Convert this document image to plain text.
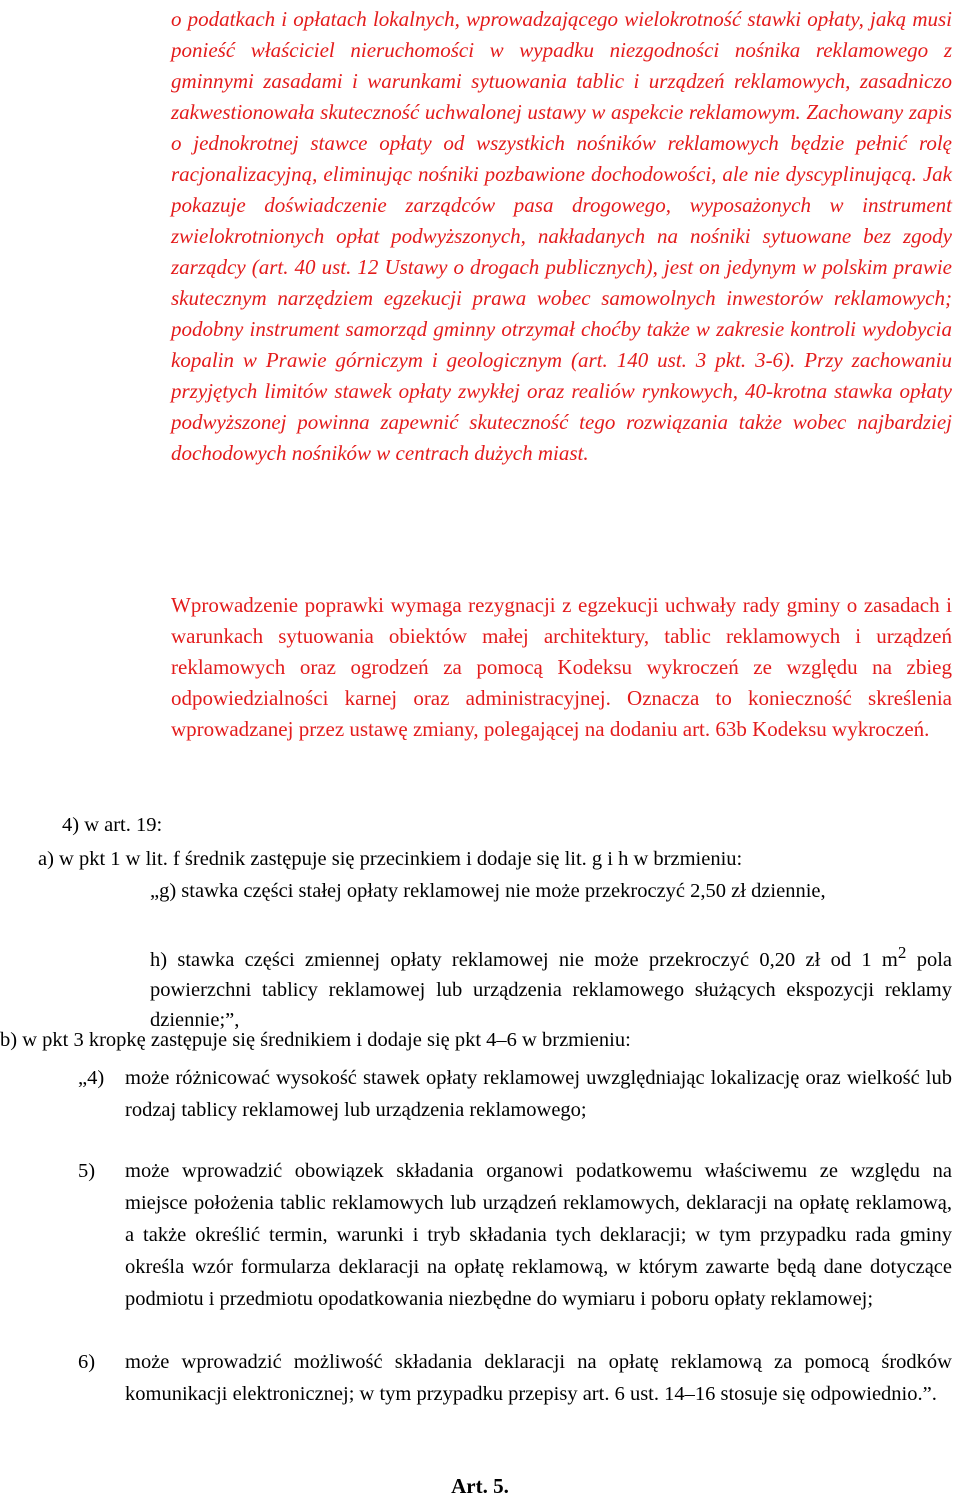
o podatkach i opłatach lokalnych, wprowadzającego wielokrotność stawki opłaty, jaką musi ponieść właściciel nieruchomości w wypadku niezgodności nośnika reklamowego z gminnymi zasadami i warunkami sytuowania tablic i urządzeń reklamowych, zasadniczo zakwestionowała skuteczność uchwalonej ustawy w aspekcie reklamowym. Zachowany zapis o jednokrotnej stawce opłaty od wszystkich nośników reklamowych będzie pełnić rolę racjonalizacyjną, eliminując nośniki pozbawione dochodowości, ale nie dyscyplinującą. Jak pokazuje doświadczenie zarządców pasa drogowego, wyposażonych w instrument zwielokrotnionych opłat podwyższonych, nakładanych na nośniki sytuowane bez zgody zarządcy (art. 40 ust. 12 Ustawy o drogach publicznych), jest on jedynym w polskim prawie skutecznym narzędziem egzekucji prawa wobec samowolnych inwestorów reklamowych; podobny instrument samorząd gminny otrzymał choćby także w zakresie kontroli wydobycia kopalin w Prawie górniczym i geologicznym (art. 140 ust. 3 pkt. 3-6). Przy zachowaniu przyjętych limitów stawek opłaty zwykłej oraz realiów rynkowych, 40-krotna stawka opłaty podwyższonej powinna zapewnić skuteczność tego rozwiązania także wobec najbardziej dochodowych nośników w centrach dużych miast.

Wprowadzenie poprawki wymaga rezygnacji z egzekucji uchwały rady gminy o zasadach i warunkach sytuowania obiektów małej architektury, tablic reklamowych i urządzeń reklamowych oraz ogrodzeń za pomocą Kodeksu wykroczeń ze względu na zbieg odpowiedzialności karnej oraz administracyjnej. Oznacza to konieczność skreślenia wprowadzanej przez ustawę zmiany, polegającej na dodaniu art. 63b Kodeksu wykroczeń.

4) w art. 19:

a) w pkt 1 w lit. f średnik zastępuje się przecinkiem i dodaje się lit. g i h w brzmieniu:

„g) stawka części stałej opłaty reklamowej nie może przekroczyć 2,50 zł dziennie,

h) stawka części zmiennej opłaty reklamowej nie może przekroczyć 0,20 zł od 1 $m^2$ pola powierzchni tablicy reklamowej lub urządzenia reklamowego służących ekspozycji reklamy dziennie;”,

b) w pkt 3 kropkę zastępuje się średnikiem i dodaje się pkt 4–6 w brzmieniu:

„4)	może różnicować wysokość stawek opłaty reklamowej uwzględniając lokalizację oraz wielkość lub rodzaj tablicy reklamowej lub urządzenia reklamowego;
5)	może wprowadzić obowiązek składania organowi podatkowemu właściwemu ze względu na miejsce położenia tablic reklamowych lub urządzeń reklamowych, deklaracji na opłatę reklamową, a także określić termin, warunki i tryb składania tych deklaracji; w tym przypadku rada gminy określa wzór formularza deklaracji na opłatę reklamową, w którym zawarte będą dane dotyczące podmiotu i przedmiotu opodatkowania niezbędne do wymiaru i poboru opłaty reklamowej;
6)	może wprowadzić możliwość składania deklaracji na opłatę reklamową za pomocą środków komunikacji elektronicznej; w tym przypadku przepisy art. 6 ust. 14–16 stosuje się odpowiednio.”.
Art. 5.
